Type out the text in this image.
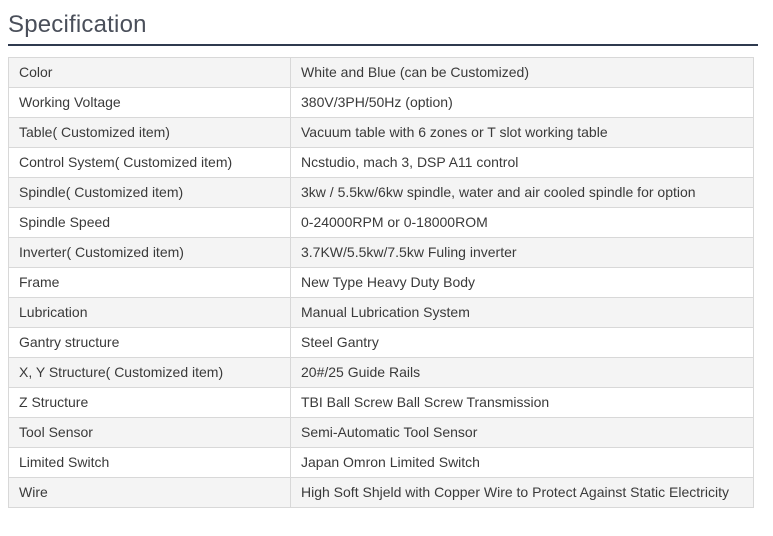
Specification
Color	White and Blue (can be Customized)
Working Voltage	380V/3PH/50Hz (option)
Table( Customized item)	Vacuum table with 6 zones or T slot working table
Control System( Customized item)	Ncstudio, mach 3, DSP A11 control
Spindle( Customized item)	3kw / 5.5kw/6kw spindle, water and air cooled spindle for option
Spindle Speed	0-24000RPM or 0-18000ROM
Inverter( Customized item)	3.7KW/5.5kw/7.5kw Fuling inverter
Frame	New Type Heavy Duty Body
Lubrication	Manual Lubrication System
Gantry structure	Steel Gantry
X, Y Structure( Customized item)	20#/25 Guide Rails
Z Structure	TBI Ball Screw Ball Screw Transmission
Tool Sensor	Semi-Automatic Tool Sensor
Limited Switch	Japan Omron Limited Switch
Wire	High Soft Shjeld with Copper Wire to Protect Against Static Electricity
